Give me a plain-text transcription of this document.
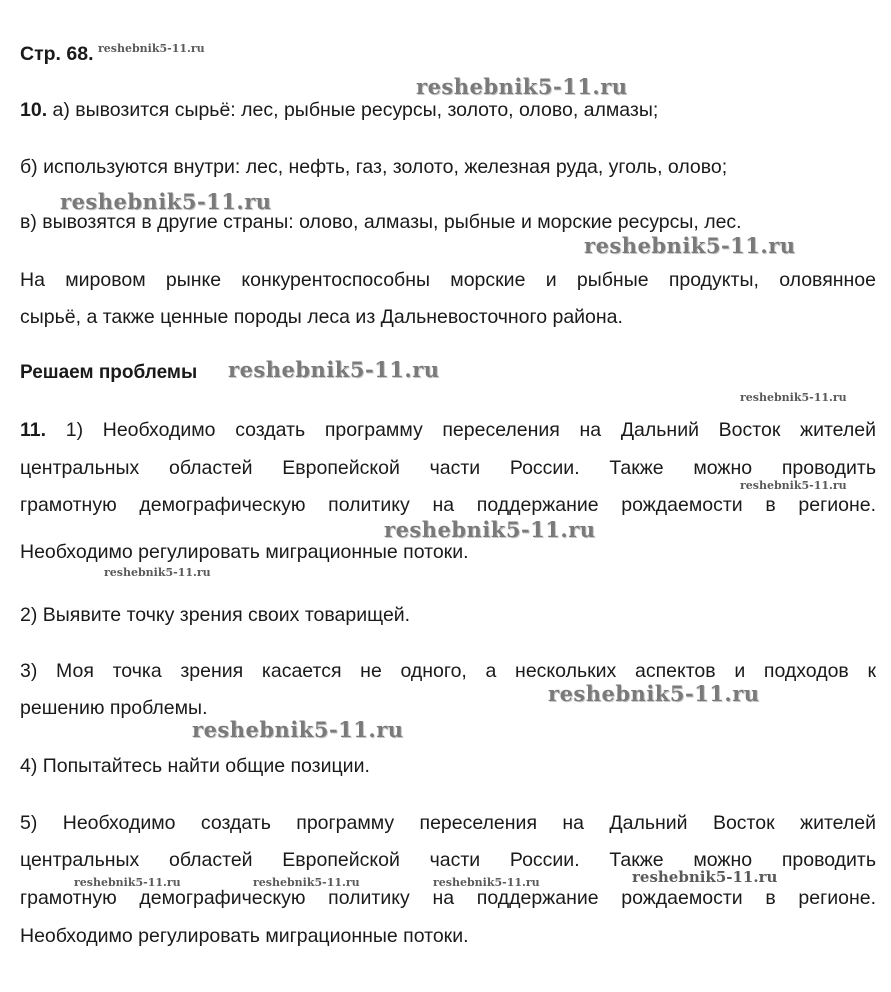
Стр. 68.
10. а) вывозится сырьё: лес, рыбные ресурсы, золото, олово, алмазы;
б) используются внутри: лес, нефть, газ, золото, железная руда, уголь, олово;
в) вывозятся в другие страны: олово, алмазы, рыбные и морские ресурсы, лес.
На мировом рынке конкурентоспособны морские и рыбные продукты, оловянное
сырьё, а также ценные породы леса из Дальневосточного района.
Решаем проблемы
11. 1) Необходимо создать программу переселения на Дальний Восток жителей
центральных областей Европейской части России. Также можно проводить
грамотную демографическую политику на поддержание рождаемости в регионе.
Необходимо регулировать миграционные потоки.
2) Выявите точку зрения своих товарищей.
3) Моя точка зрения касается не одного, а нескольких аспектов и подходов к
решению проблемы.
4) Попытайтесь найти общие позиции.
5) Необходимо создать программу переселения на Дальний Восток жителей
центральных областей Европейской части России. Также можно проводить
грамотную демографическую политику на поддержание рождаемости в регионе.
Необходимо регулировать миграционные потоки.
reshebnik5-11.ru
reshebnik5-11.ru
reshebnik5-11.ru
reshebnik5-11.ru
reshebnik5-11.ru
reshebnik5-11.ru
reshebnik5-11.ru
reshebnik5-11.ru
reshebnik5-11.ru
reshebnik5-11.ru
reshebnik5-11.ru
reshebnik5-11.ru
reshebnik5-11.ru	reshebnik5-11.ru	reshebnik5-11.ru
